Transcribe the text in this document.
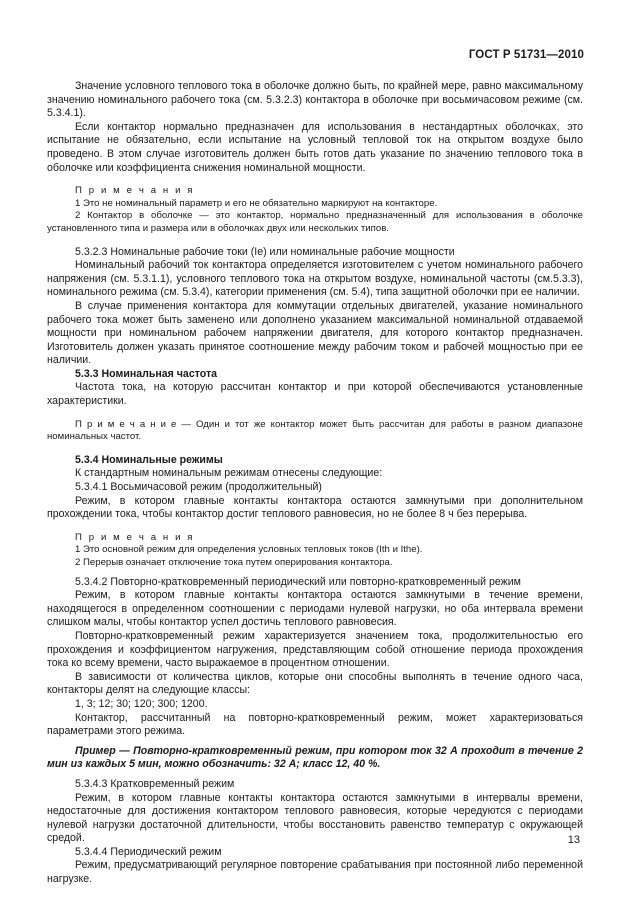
ГОСТ Р 51731—2010

Значение условного теплового тока в оболочке должно быть, по крайней мере, равно максимальному значению номинального рабочего тока (см. 5.3.2.3) контактора в оболочке при восьмичасовом режиме (см. 5.3.4.1).

Если контактор нормально предназначен для использования в нестандартных оболочках, это испытание не обязательно, если испытание на условный тепловой ток на открытом воздухе было проведено. В этом случае изготовитель должен быть готов дать указание по значению теплового тока в оболочке или коэффициента снижения номинальной мощности.

П р и м е ч а н и я

1 Это не номинальный параметр и его не обязательно маркируют на контакторе.

2 Контактор в оболочке — это контактор, нормально предназначенный для использования в оболочке установленного типа и размера или в оболочках двух или нескольких типов.

5.3.2.3 Номинальные рабочие токи (Iе) или номинальные рабочие мощности

Номинальный рабочий ток контактора определяется изготовителем с учетом номинального рабочего напряжения (см. 5.3.1.1), условного теплового тока на открытом воздухе, номинальной частоты (см.5.3.3), номинального режима (см. 5.3.4), категории применения (см. 5.4), типа защитной оболочки при ее наличии.

В случае применения контактора для коммутации отдельных двигателей, указание номинального рабочего тока может быть заменено или дополнено указанием максимальной номинальной отдаваемой мощности при номинальном рабочем напряжении двигателя, для которого контактор предназначен. Изготовитель должен указать принятое соотношение между рабочим током и рабочей мощностью при ее наличии.

5.3.3 Номинальная частота

Частота тока, на которую рассчитан контактор и при которой обеспечиваются установленные характеристики.

П р и м е ч а н и е — Один и тот же контактор может быть рассчитан для работы в разном диапазоне номинальных частот.

5.3.4 Номинальные режимы

К стандартным номинальным режимам отнесены следующие:

5.3.4.1 Восьмичасовой режим (продолжительный)

Режим, в котором главные контакты контактора остаются замкнутыми при дополнительном прохождении тока, чтобы контактор достиг теплового равновесия, но не более 8 ч без перерыва.

П р и м е ч а н и я

1 Это основной режим для определения условных тепловых токов (Ith и Ithe).

2 Перерыв означает отключение тока путем оперирования контактора.

5.3.4.2 Повторно-кратковременный периодический или повторно-кратковременный режим

Режим, в котором главные контакты контактора остаются замкнутыми в течение времени, находящегося в определенном соотношении с периодами нулевой нагрузки, но оба интервала времени слишком малы, чтобы контактор успел достичь теплового равновесия.

Повторно-кратковременный режим характеризуется значением тока, продолжительностью его прохождения и коэффициентом нагружения, представляющим собой отношение периода прохождения тока ко всему времени, часто выражаемое в процентном отношении.

В зависимости от количества циклов, которые они способны выполнять в течение одного часа, контакторы делят на следующие классы:

1, 3; 12; 30; 120; 300; 1200.

Контактор, рассчитанный на повторно-кратковременный режим, может характеризоваться параметрами этого режима.

Пример — Повторно-кратковременный режим, при котором ток 32 А проходит в течение 2 мин из каждых 5 мин, можно обозначить: 32 А; класс 12, 40 %.

5.3.4.3 Кратковременный режим

Режим, в котором главные контакты контактора остаются замкнутыми в интервалы времени, недостаточные для достижения контактором теплового равновесия, которые чередуются с периодами нулевой нагрузки достаточной длительности, чтобы восстановить равенство температур с окружающей средой.

5.3.4.4 Периодический режим

Режим, предусматривающий регулярное повторение срабатывания при постоянной либо переменной нагрузке.

13
